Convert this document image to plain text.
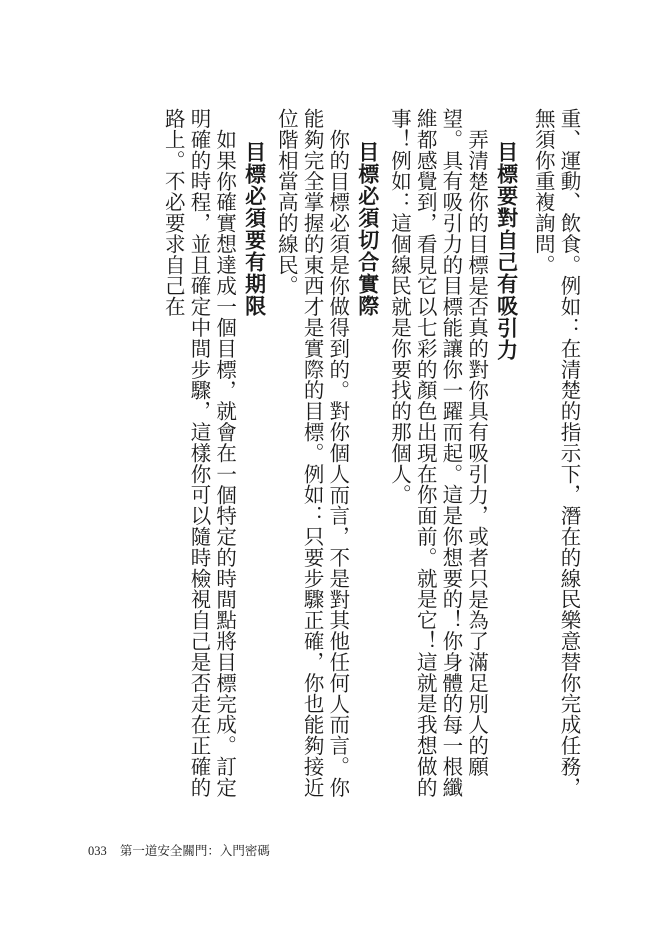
重、運動、飲食。例如：在清楚的指示下，潛在的線民樂意替你完成任務，無須你重複詢問。

目標要對自己有吸引力

弄清楚你的目標是否真的對你具有吸引力，或者只是為了滿足別人的願望。具有吸引力的目標能讓你一躍而起。這是你想要的！你身體的每一根纖維都感覺到，看見它以七彩的顏色出現在你面前。就是它！這就是我想做的事！例如：這個線民就是你要找的那個人。

目標必須切合實際

你的目標必須是你做得到的。對你個人而言，不是對其他任何人而言。你能夠完全掌握的東西才是實際的目標。例如：只要步驟正確，你也能夠接近位階相當高的線民。

目標必須要有期限

如果你確實想達成一個目標，就會在一個特定的時間點將目標完成。訂定明確的時程，並且確定中間步驟，這樣你可以隨時檢視自己是否走在正確的路上。不必要求自己在

033 第一道安全關門：入門密碼
